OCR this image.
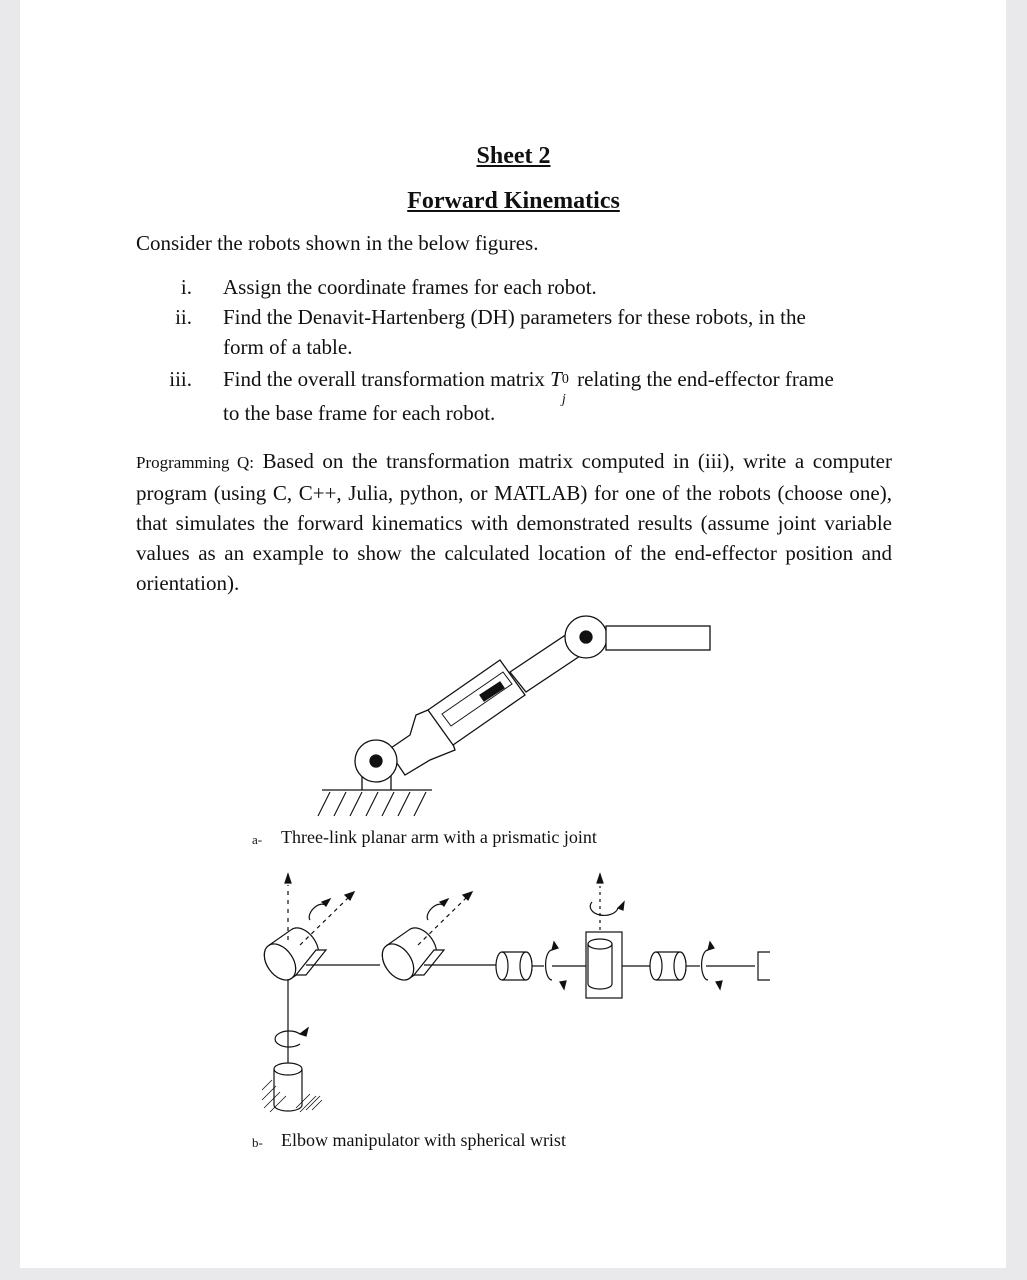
Sheet 2
Forward Kinematics
Consider the robots shown in the below figures.
i. Assign the coordinate frames for each robot.
ii. Find the Denavit-Hartenberg (DH) parameters for these robots, in the
form of a table.
iii. Find the overall transformation matrix T 0
j
relating the end-effector frame
to the base frame for each robot.
Programming Q: Based on the transformation matrix computed in (iii), write a computer program (using C, C++, Julia, python, or MATLAB) for one of the robots (choose one), that simulates the forward kinematics with demonstrated results (assume joint variable values as an example to show the calculated location of the end-effector position and orientation).
a- Three-link planar arm with a prismatic joint
b- Elbow manipulator with spherical wrist
